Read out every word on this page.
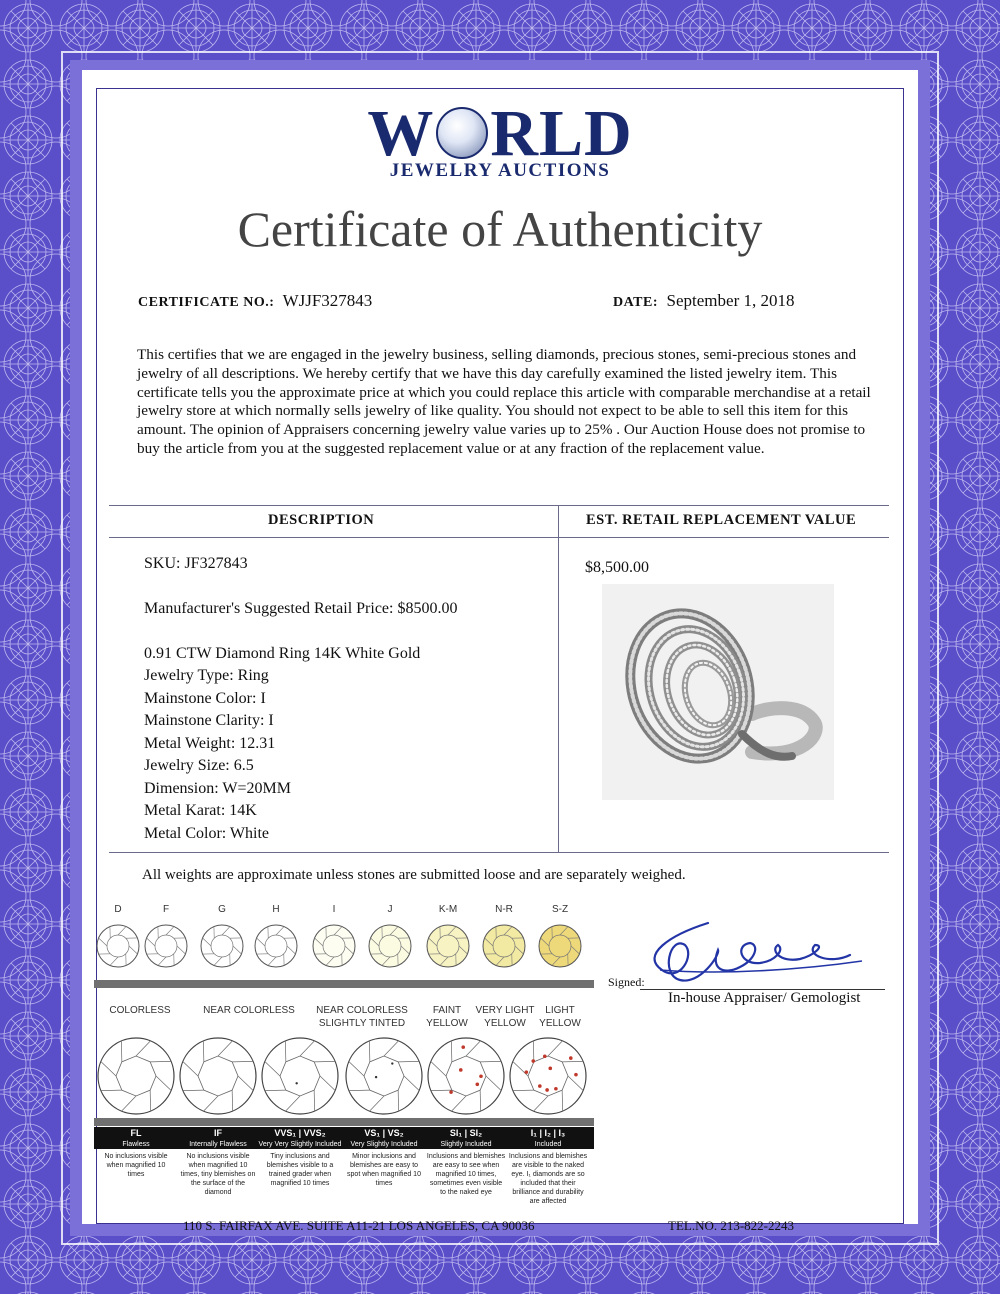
W RLD
JEWELRY AUCTIONS
Certificate of Authenticity
CERTIFICATE NO.: WJJF327843	DATE: September 1, 2018
This certifies that we are engaged in the jewelry business, selling diamonds, precious stones, semi-precious stones and jewelry of all descriptions. We hereby certify that we have this day carefully examined the listed jewelry item. This certificate tells you the approximate price at which you could replace this article with comparable merchandise at a retail jewelry store at which normally sells jewelry of like quality. You should not expect to be able to sell this item for this amount. The opinion of Appraisers concerning jewelry value varies up to 25% . Our Auction House does not promise to buy the article from you at the suggested replacement value or at any fraction of the replacement value.
DESCRIPTION	EST. RETAIL REPLACEMENT VALUE
SKU: JF327843
Manufacturer's Suggested Retail Price: $8500.00
0.91 CTW Diamond Ring 14K White Gold
Jewelry Type: Ring
Mainstone Color: I
Mainstone Clarity: I
Metal Weight: 12.31
Jewelry Size: 6.5
Dimension: W=20MM
Metal Karat: 14K
Metal Color: White
$8,500.00
All weights are approximate unless stones are submitted loose and are separately weighed.
D	F	G	H	I	J	K-M	N-R	S-Z
COLORLESS	NEAR COLORLESS NEAR COLORLESS
SLIGHTLY TINTED
FAINT
YELLOW
VERY LIGHT
YELLOW
LIGHT
YELLOW
FL
Flawless
No inclusions visible
when magnified 10
times
IF
Internally Flawless
No inclusions visible
when magnified 10
times, tiny blemishes on
the surface of the
diamond
VVS₁ | VVS₂
Very Very Slightly Included
Tiny inclusions and
blemishes visible to a
trained grader when
magnified 10 times
VS₁ | VS₂
Very Slightly Included
Minor inclusions and
blemishes are easy to
spot when magnified 10
times
SI₁ | SI₂
Slightly Included
Inclusions and blemishes
are easy to see when
magnified 10 times,
sometimes even visible
to the naked eye
I₁ | I₂ | I₃
Included
Inclusions and blemishes
are visible to the naked
eye. I₁ diamonds are so
included that their
brilliance and durability
are affected
Signed:
In-house Appraiser/ Gemologist
110 S. FAIRFAX AVE. SUITE A11-21 LOS ANGELES, CA 90036	TEL.NO. 213-822-2243
